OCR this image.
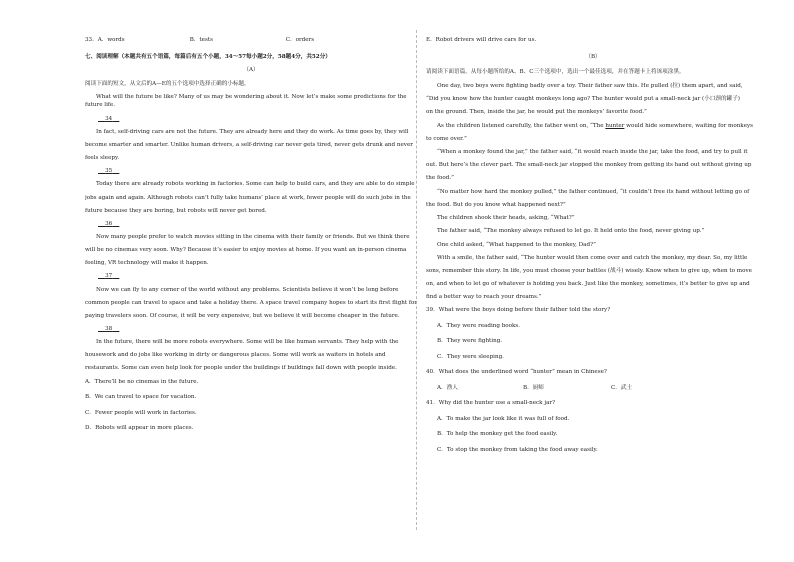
33． A．words	B．tests	C．orders
七、阅读理解（本题共有五个语篇，每篇后有五个小题，34～57每小题2分，58题4分，共52分）
（A）
阅读下面的短文，从文后的A—E的五个选项中选择正确的小标题。
What will the future be like? Many of us may be wondering about it. Now let’s make some predictions for the
future life.
34
In fact, self-driving cars are not the future. They are already here and they do work. As time goes by, they will
become smarter and smarter. Unlike human drivers, a self-driving car never gets tired, never gets drunk and never
feels sleepy.
35
Today there are already robots working in factories. Some can help to build cars, and they are able to do simple
jobs again and again. Although robots can’t fully take humans’ place at work, fewer people will do such jobs in the
future because they are boring, but robots will never get bored.
36
Now many people prefer to watch movies sitting in the cinema with their family or friends. But we think there
will be no cinemas very soon. Why? Because it’s easier to enjoy movies at home. If you want an in-person cinema
feeling, VR technology will make it happen.
37
Now we can fly to any corner of the world without any problems. Scientists believe it won’t be long before
common people can travel to space and take a holiday there. A space travel company hopes to start its first flight for
paying travelers soon. Of course, it will be very expensive, but we believe it will become cheaper in the future.
38
In the future, there will be more robots everywhere. Some will be like human servants. They help with the
housework and do jobs like working in dirty or dangerous places. Some will work as waiters in hotels and
restaurants. Some can even help look for people under the buildings if buildings fall down with people inside.
A．There’ll be no cinemas in the future.
B．We can travel to space for vacation.
C．Fewer people will work in factories.
D．Robots will appear in more places.
E．Robot drivers will drive cars for us.
（B）
请阅读下面语篇，从每小题所给的A、B、C三个选项中，选出一个最佳选项，并在答题卡上将该项涂黑。
One day, two boys were fighting badly over a toy. Their father saw this. He pulled (拉) them apart, and said,
“Did you know how the hunter caught monkeys long ago? The hunter would put a small-neck jar (小口颈的罐子)
on the ground. Then, inside the jar, he would put the monkeys’ favorite food.”
As the children listened carefully, the father went on, “The hunter would hide somewhere, waiting for monkeys
to come over.”
“When a monkey found the jar,” the father said, “it would reach inside the jar, take the food, and try to pull it
out. But here’s the clever part. The small-neck jar stopped the monkey from getting its hand out without giving up
the food.”
“No matter how hard the monkey pulled,” the father continued, “it couldn’t free its hand without letting go of
the food. But do you know what happened next?”
The children shook their heads, asking, “What?”
The father said, “The monkey always refused to let go. It held onto the food, never giving up.”
One child asked, “What happened to the monkey, Dad?”
With a smile, the father said, “The hunter would then come over and catch the monkey, my dear. So, my little
sons, remember this story. In life, you must choose your battles (战斗) wisely. Know when to give up, when to move
on, and when to let go of whatever is holding you back. Just like the monkey, sometimes, it’s better to give up and
find a better way to reach your dreams.”
39．What were the boys doing before their father told the story?
A．They were reading books.
B．They were fighting.
C．They were sleeping.
40．What does the underlined word “hunter” mean in Chinese?
A．渔人	B．厨师	C．武士
41．Why did the hunter use a small-neck jar?
A．To make the jar look like it was full of food.
B．To help the monkey get the food easily.
C．To stop the monkey from taking the food away easily.
